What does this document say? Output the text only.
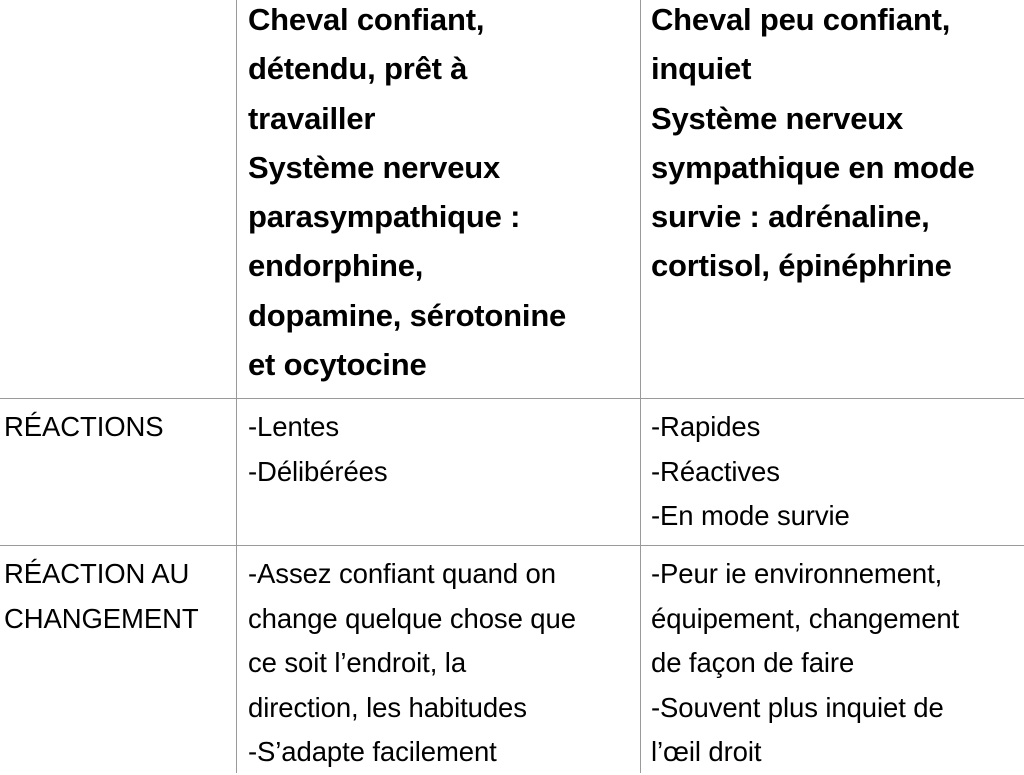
Cheval confiant,
détendu, prêt à
travailler
Système nerveux
parasympathique :
endorphine,
dopamine, sérotonine
et ocytocine
Cheval peu confiant,
inquiet
Système nerveux
sympathique en mode
survie : adrénaline,
cortisol, épinéphrine
RÉACTIONS	-Lentes
-Délibérées
-Rapides
-Réactives
-En mode survie
RÉACTION AU
CHANGEMENT
-Assez confiant quand on
change quelque chose que
ce soit l’endroit, la
direction, les habitudes
-S’adapte facilement
-Peur ie environnement,
équipement, changement
de façon de faire
-Souvent plus inquiet de
l’œil droit
